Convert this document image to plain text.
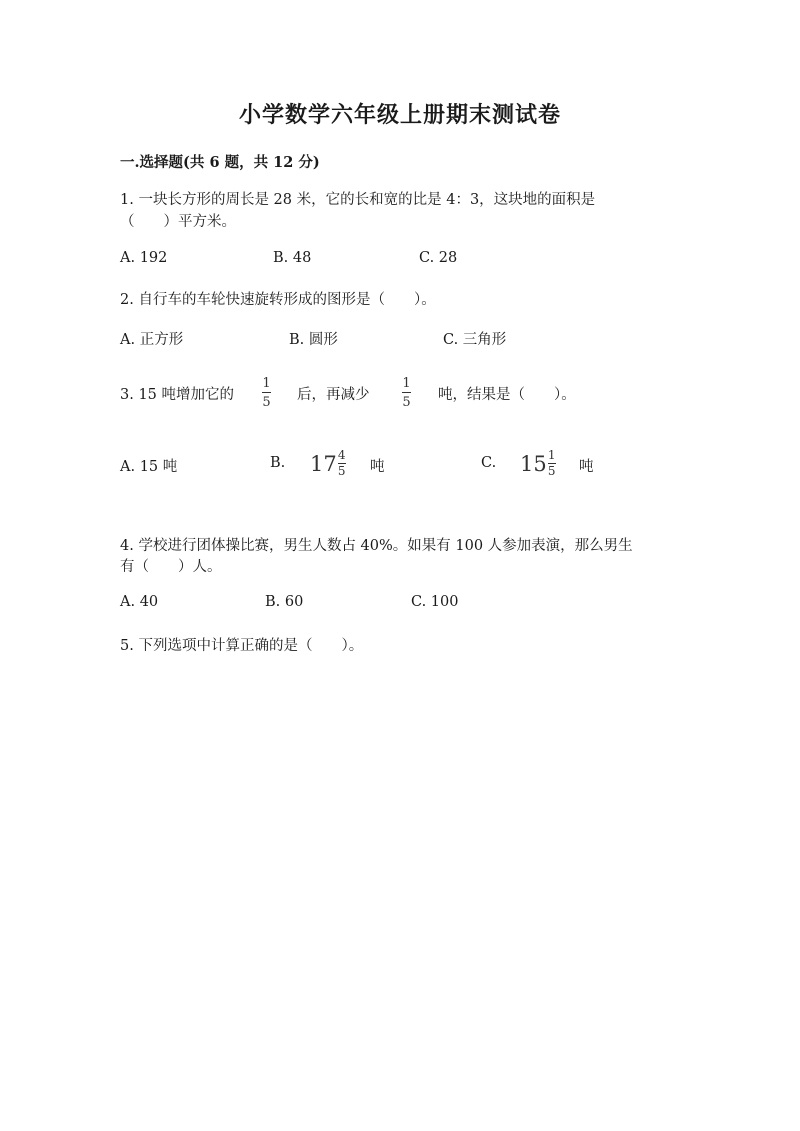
小学数学六年级上册期末测试卷
一.选择题(共 6 题，共 12 分)
1. 一块长方形的周长是 28 米，它的长和宽的比是 4：3，这块地的面积是
（　　）平方米。
A. 192	B. 48	C. 28
2. 自行车的车轮快速旋转形成的图形是（　　）。
A. 正方形	B. 圆形	C. 三角形
3. 15 吨增加它的
1
5 后，再减少
1
5 吨，结果是（　　）。
A. 15 吨	B. 17 4
5 吨	C. 15 1
5 吨
4. 学校进行团体操比赛，男生人数占 40%。如果有 100 人参加表演，那么男生
有（　　）人。
A. 40	B. 60	C. 100
5. 下列选项中计算正确的是（　　）。
